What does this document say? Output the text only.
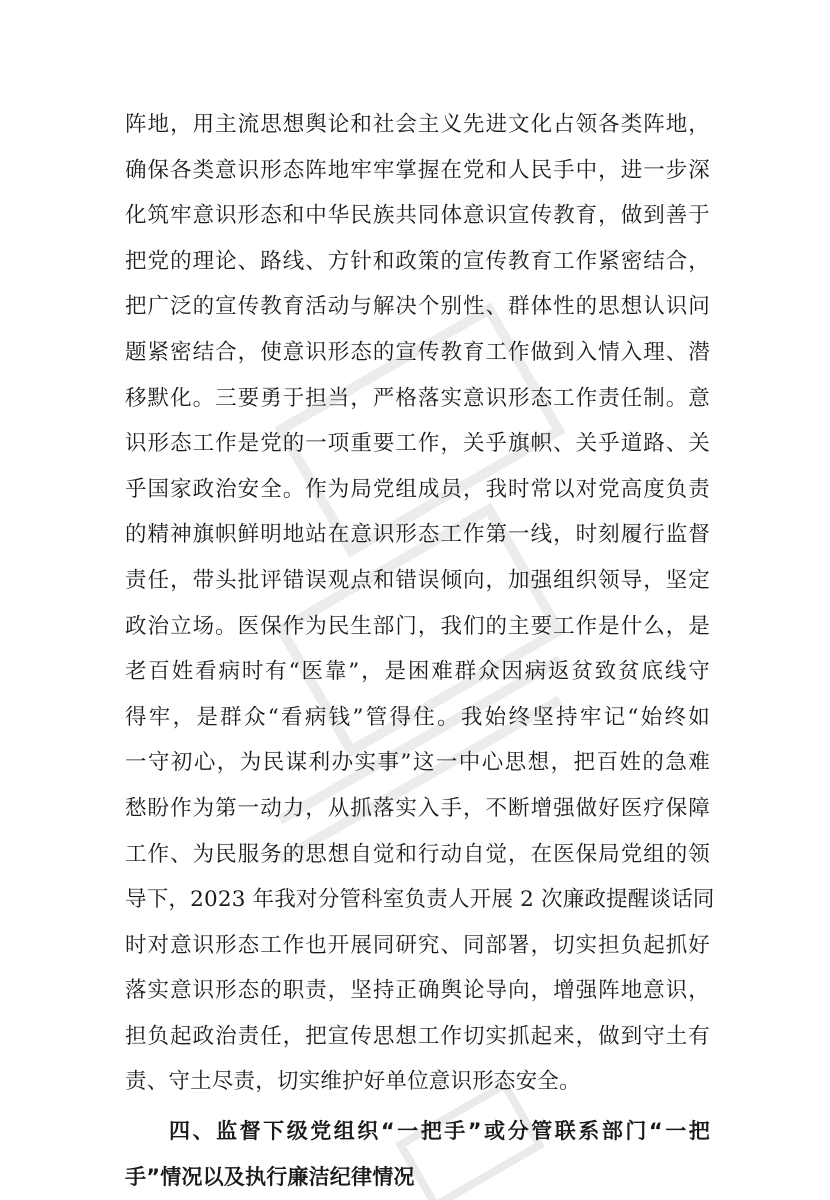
阵地，用主流思想舆论和社会主义先进文化占领各类阵地，
确保各类意识形态阵地牢牢掌握在党和人民手中，进一步深
化筑牢意识形态和中华民族共同体意识宣传教育，做到善于
把党的理论、路线、方针和政策的宣传教育工作紧密结合，
把广泛的宣传教育活动与解决个别性、群体性的思想认识问
题紧密结合，使意识形态的宣传教育工作做到入情入理、潜
移默化。三要勇于担当，严格落实意识形态工作责任制。意
识形态工作是党的一项重要工作，关乎旗帜、关乎道路、关
乎国家政治安全。作为局党组成员，我时常以对党高度负责
的精神旗帜鲜明地站在意识形态工作第一线，时刻履行监督
责任，带头批评错误观点和错误倾向，加强组织领导，坚定
政治立场。医保作为民生部门，我们的主要工作是什么，是
老百姓看病时有“医靠”，是困难群众因病返贫致贫底线守
得牢，是群众“看病钱”管得住。我始终坚持牢记“始终如
一守初心，为民谋利办实事”这一中心思想，把百姓的急难
愁盼作为第一动力，从抓落实入手，不断增强做好医疗保障
工作、为民服务的思想自觉和行动自觉，在医保局党组的领
导下，2023 年我对分管科室负责人开展 2 次廉政提醒谈话同
时对意识形态工作也开展同研究、同部署，切实担负起抓好
落实意识形态的职责，坚持正确舆论导向，增强阵地意识，
担负起政治责任，把宣传思想工作切实抓起来，做到守土有
责、守土尽责，切实维护好单位意识形态安全。
四、监督下级党组织“一把手”或分管联系部门“一把
手”情况以及执行廉洁纪律情况
